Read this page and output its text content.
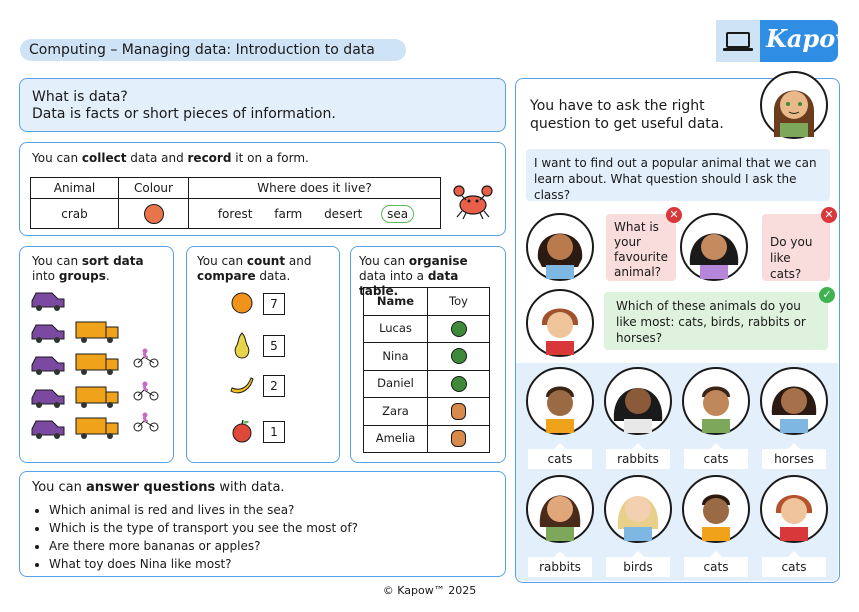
Computing – Managing data: Introduction to data	Kapow
What is data?
Data is facts or short pieces of information.
You can collect data and record it on a form.
Animal	Colour	Where does it live?
crab		forest farm desert sea
You can sort data
into groups.
You can count and
compare data.
7
5
2
1
You can organise data into a data table.
Name	Toy
Lucas	
Nina	
Daniel	
Zara	
Amelia	
You can answer questions with data.
• Which animal is red and lives in the sea?
• Which is the type of transport you see the most of?
• Are there more bananas or apples?
• What toy does Nina like most?
You have to ask the right question to get useful data.
I want to find out a popular animal that we can learn about. What question should I ask the class?
What is your favourite animal?
✕
Do you like cats?
✕
Which of these animals do you like most: cats, birds, rabbits or horses?
✓
cats	rabbits	cats	horses
rabbits	birds	cats	cats
© Kapow™ 2025
